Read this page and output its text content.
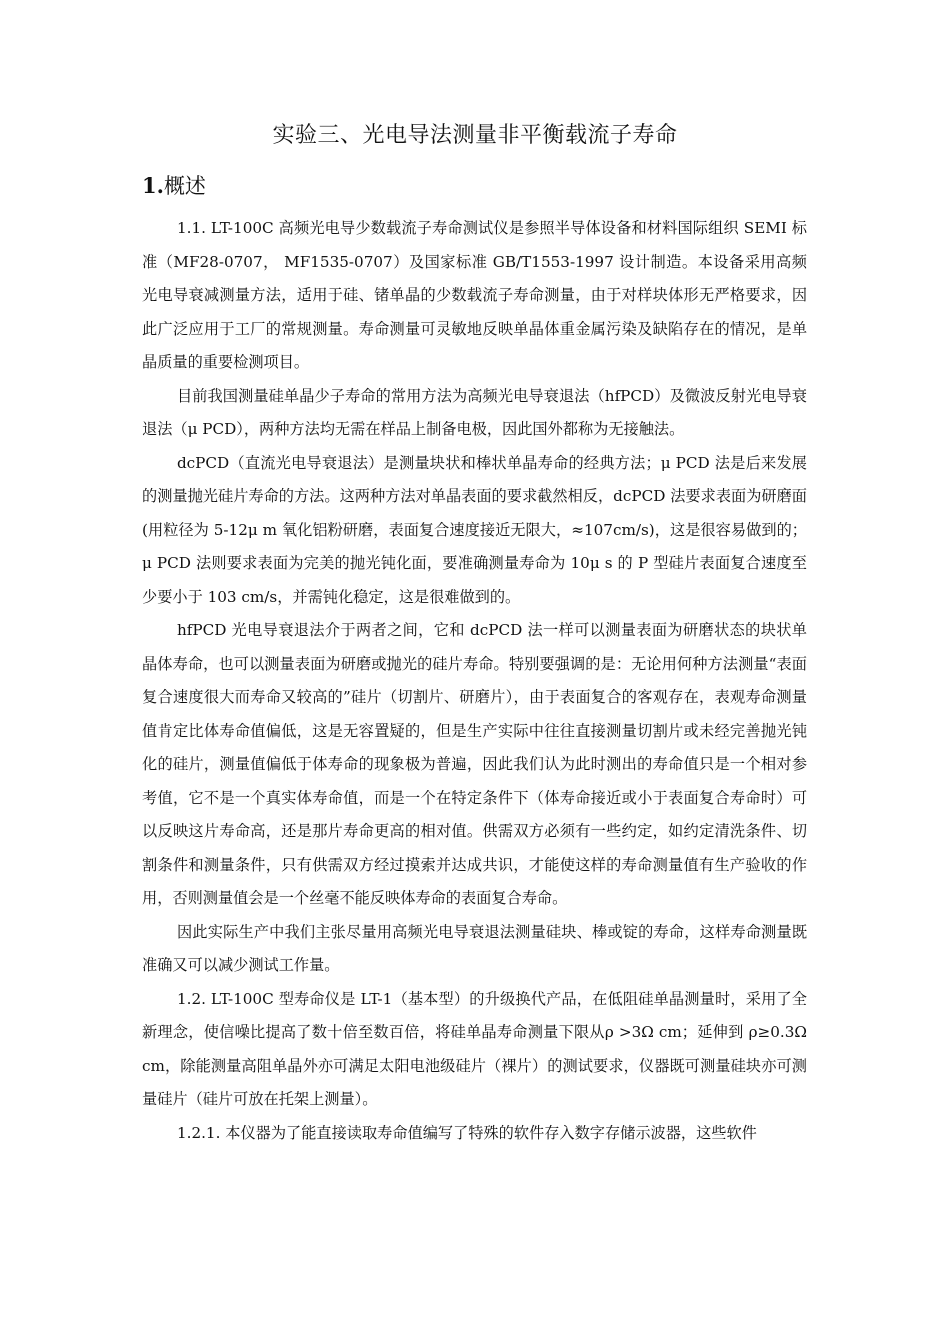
实验三、光电导法测量非平衡载流子寿命
1.概述

1.1. LT-100C 高频光电导少数载流子寿命测试仪是参照半导体设备和材料国际组织 SEMI 标准（MF28-0707， MF1535-0707）及国家标准 GB/T1553-1997 设计制造。本设备采用高频光电导衰减测量方法，适用于硅、锗单晶的少数载流子寿命测量，由于对样块体形无严格要求，因此广泛应用于工厂的常规测量。寿命测量可灵敏地反映单晶体重金属污染及缺陷存在的情况，是单晶质量的重要检测项目。

目前我国测量硅单晶少子寿命的常用方法为高频光电导衰退法（hfPCD）及微波反射光电导衰退法（μ PCD），两种方法均无需在样品上制备电极，因此国外都称为无接触法。

dcPCD（直流光电导衰退法）是测量块状和棒状单晶寿命的经典方法；μ PCD 法是后来发展的测量抛光硅片寿命的方法。这两种方法对单晶表面的要求截然相反，dcPCD 法要求表面为研磨面(用粒径为 5-12μ m 氧化铝粉研磨，表面复合速度接近无限大，≈107cm/s)，这是很容易做到的；μ PCD 法则要求表面为完美的抛光钝化面，要准确测量寿命为 10μ s 的 P 型硅片表面复合速度至少要小于 103 cm/s，并需钝化稳定，这是很难做到的。

hfPCD 光电导衰退法介于两者之间，它和 dcPCD 法一样可以测量表面为研磨状态的块状单晶体寿命，也可以测量表面为研磨或抛光的硅片寿命。特别要强调的是：无论用何种方法测量“表面复合速度很大而寿命又较高的”硅片（切割片、研磨片），由于表面复合的客观存在，表观寿命测量值肯定比体寿命值偏低，这是无容置疑的，但是生产实际中往往直接测量切割片或未经完善抛光钝化的硅片，测量值偏低于体寿命的现象极为普遍，因此我们认为此时测出的寿命值只是一个相对参考值，它不是一个真实体寿命值，而是一个在特定条件下（体寿命接近或小于表面复合寿命时）可以反映这片寿命高，还是那片寿命更高的相对值。供需双方必须有一些约定，如约定清洗条件、切割条件和测量条件，只有供需双方经过摸索并达成共识，才能使这样的寿命测量值有生产验收的作用，否则测量值会是一个丝毫不能反映体寿命的表面复合寿命。

因此实际生产中我们主张尽量用高频光电导衰退法测量硅块、棒或锭的寿命，这样寿命测量既准确又可以减少测试工作量。

1.2. LT-100C 型寿命仪是 LT-1（基本型）的升级换代产品，在低阻硅单晶测量时，采用了全新理念，使信噪比提高了数十倍至数百倍，将硅单晶寿命测量下限从ρ >3Ω cm；延伸到 ρ≥0.3Ω cm，除能测量高阻单晶外亦可满足太阳电池级硅片（裸片）的测试要求，仪器既可测量硅块亦可测量硅片（硅片可放在托架上测量）。

1.2.1. 本仪器为了能直接读取寿命值编写了特殊的软件存入数字存储示波器，这些软件
